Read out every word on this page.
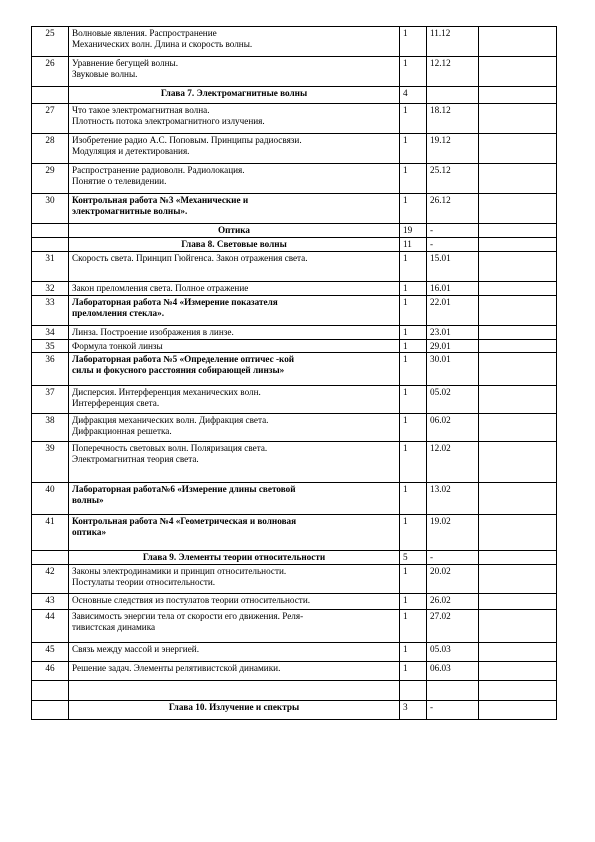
25	Волновые явления. Распространение
Механических волн. Длина и скорость волны.	1	11.12	
26	Уравнение бегущей волны.
Звуковые волны.	1	12.12	
	Глава 7. Электромагнитные волны	4		
27	Что такое электромагнитная волна.
Плотность потока электромагнитного излучения.	1	18.12	
28	Изобретение радио А.С. Поповым. Принципы радиосвязи.
Модуляция и детектирования.	1	19.12	
29	Распространение радиоволн. Радиолокация.
Понятие о телевидении.	1	25.12	
30	Контрольная работа №3 «Механические и
электромагнитные волны».	1	26.12	
	Оптика	19	-	
	Глава 8. Световые волны	11	-	
31	Скорость света. Принцип Гюйгенса. Закон отражения света.	1	15.01	
32	Закон преломления света. Полное отражение	1	16.01	
33	Лабораторная работа №4 «Измерение показателя
преломления стекла».	1	22.01	
34	Линза. Построение изображения в линзе.	1	23.01	
35	Формула тонкой линзы	1	29.01	
36	Лабораторная работа №5 «Определение оптичес -кой
силы и фокусного расстояния собирающей линзы»	1	30.01	
37	Дисперсия. Интерференция механических волн.
Интерференция света.	1	05.02	
38	Дифракция механических волн. Дифракция света.
Дифракционная решетка.	1	06.02	
39	Поперечность световых волн. Поляризация света.
Электромагнитная теория света.	1	12.02	
40	Лабораторная работа№6 «Измерение длины световой
волны»	1	13.02	
41	Контрольная работа №4 «Геометрическая и волновая
оптика»	1	19.02	
	Глава 9. Элементы теории относительности	5	-	
42	Законы электродинамики и принцип относительности.
Постулаты теории относительности.	1	20.02	
43	Основные следствия из постулатов теории относительности.	1	26.02	
44	Зависимость энергии тела от скорости его движения. Реля-
тивистская динамика	1	27.02	
45	Связь между массой и энергией.	1	05.03	
46	Решение задач. Элементы релятивистской динамики.	1	06.03	

	Глава 10. Излучение и спектры	3	-	
